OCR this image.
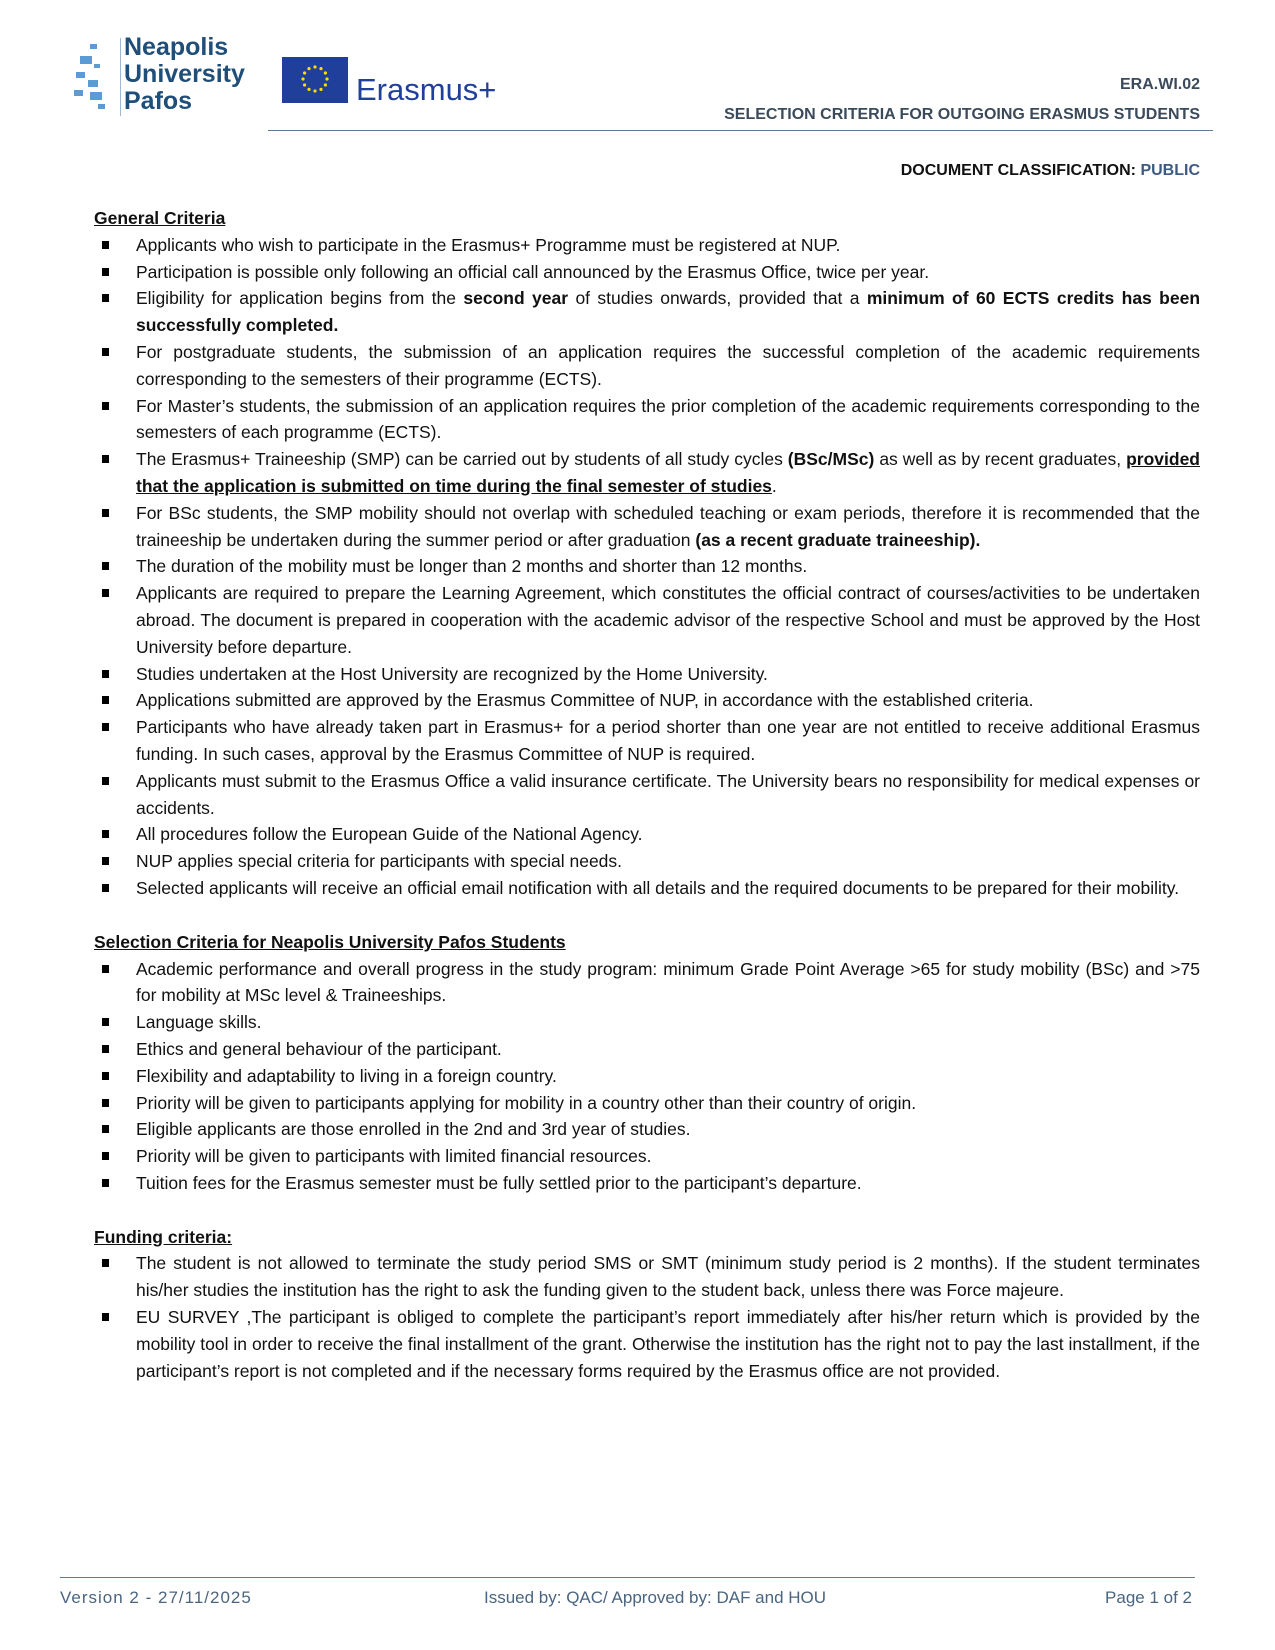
Neapolis
University
Pafos	Erasmus+	ERA.WI.02
SELECTION CRITERIA FOR OUTGOING ERASMUS STUDENTS
DOCUMENT CLASSIFICATION: PUBLIC
General Criteria
Applicants who wish to participate in the Erasmus+ Programme must be registered at NUP.
Participation is possible only following an official call announced by the Erasmus Office, twice per year.
Eligibility for application begins from the second year of studies onwards, provided that a minimum of 60 ECTS credits has been successfully completed.
For postgraduate students, the submission of an application requires the successful completion of the academic requirements corresponding to the semesters of their programme (ECTS).
For Master’s students, the submission of an application requires the prior completion of the academic requirements corresponding to the semesters of each programme (ECTS).
The Erasmus+ Traineeship (SMP) can be carried out by students of all study cycles (BSc/MSc) as well as by recent graduates, provided that the application is submitted on time during the final semester of studies.
For BSc students, the SMP mobility should not overlap with scheduled teaching or exam periods, therefore it is recommended that the traineeship be undertaken during the summer period or after graduation (as a recent graduate traineeship).
The duration of the mobility must be longer than 2 months and shorter than 12 months.
Applicants are required to prepare the Learning Agreement, which constitutes the official contract of courses/activities to be undertaken abroad. The document is prepared in cooperation with the academic advisor of the respective School and must be approved by the Host University before departure.
Studies undertaken at the Host University are recognized by the Home University.
Applications submitted are approved by the Erasmus Committee of NUP, in accordance with the established criteria.
Participants who have already taken part in Erasmus+ for a period shorter than one year are not entitled to receive additional Erasmus funding. In such cases, approval by the Erasmus Committee of NUP is required.
Applicants must submit to the Erasmus Office a valid insurance certificate. The University bears no responsibility for medical expenses or accidents.
All procedures follow the European Guide of the National Agency.
NUP applies special criteria for participants with special needs.
Selected applicants will receive an official email notification with all details and the required documents to be prepared for their mobility.
Selection Criteria for Neapolis University Pafos Students
Academic performance and overall progress in the study program: minimum Grade Point Average >65 for study mobility (BSc) and >75 for mobility at MSc level & Traineeships.
Language skills.
Ethics and general behaviour of the participant.
Flexibility and adaptability to living in a foreign country.
Priority will be given to participants applying for mobility in a country other than their country of origin.
Eligible applicants are those enrolled in the 2nd and 3rd year of studies.
Priority will be given to participants with limited financial resources.
Tuition fees for the Erasmus semester must be fully settled prior to the participant’s departure.
Funding criteria:
The student is not allowed to terminate the study period SMS or SMT (minimum study period is 2 months). If the student terminates his/her studies the institution has the right to ask the funding given to the student back, unless there was Force majeure.
EU SURVEY ,The participant is obliged to complete the participant’s report immediately after his/her return which is provided by the mobility tool in order to receive the final installment of the grant. Otherwise the institution has the right not to pay the last installment, if the participant’s report is not completed and if the necessary forms required by the Erasmus office are not provided.
Version 2 - 27/11/2025	Issued by: QAC/ Approved by: DAF and HOU	Page 1 of 2
